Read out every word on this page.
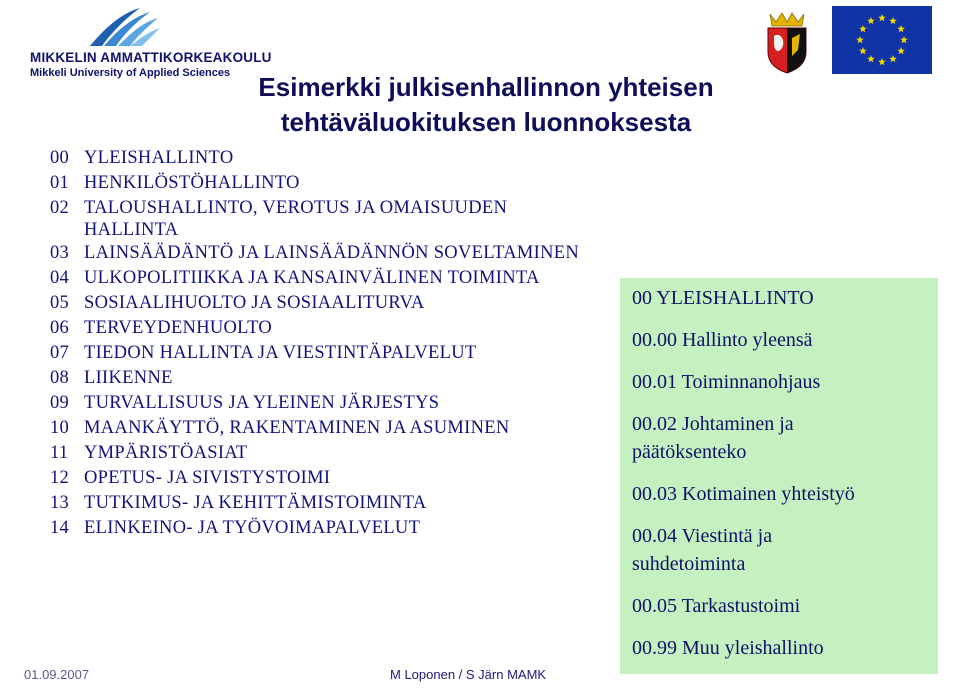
MIKKELIN AMMATTIKORKEAKOULU
Mikkeli University of Applied Sciences	Esimerkki julkisenhallinnon yhteisen
tehtäväluokituksen luonnoksesta
00 YLEISHALLINTO
01 HENKILÖSTÖHALLINTO
02 TALOUSHALLINTO, VEROTUS JA OMAISUUDEN HALLINTA
03 LAINSÄÄDÄNTÖ JA LAINSÄÄDÄNNÖN SOVELTAMINEN
04 ULKOPOLITIIKKA JA KANSAINVÄLINEN TOIMINTA
05 SOSIAALIHUOLTO JA SOSIAALITURVA
06 TERVEYDENHUOLTO
07 TIEDON HALLINTA JA VIESTINTÄPALVELUT
08 LIIKENNE
09 TURVALLISUUS JA YLEINEN JÄRJESTYS
10 MAANKÄYTTÖ, RAKENTAMINEN JA ASUMINEN
11 YMPÄRISTÖASIAT
12 OPETUS- JA SIVISTYSTOIMI
13 TUTKIMUS- JA KEHITTÄMISTOIMINTA
14 ELINKEINO- JA TYÖVOIMAPALVELUT
00 YLEISHALLINTO
00.00 Hallinto yleensä
00.01 Toiminnanohjaus
00.02 Johtaminen ja päätöksenteko
00.03 Kotimainen yhteistyö
00.04 Viestintä ja suhdetoiminta
00.05 Tarkastustoimi
00.99 Muu yleishallinto
01.09.2007	M Loponen / S Järn MAMK
